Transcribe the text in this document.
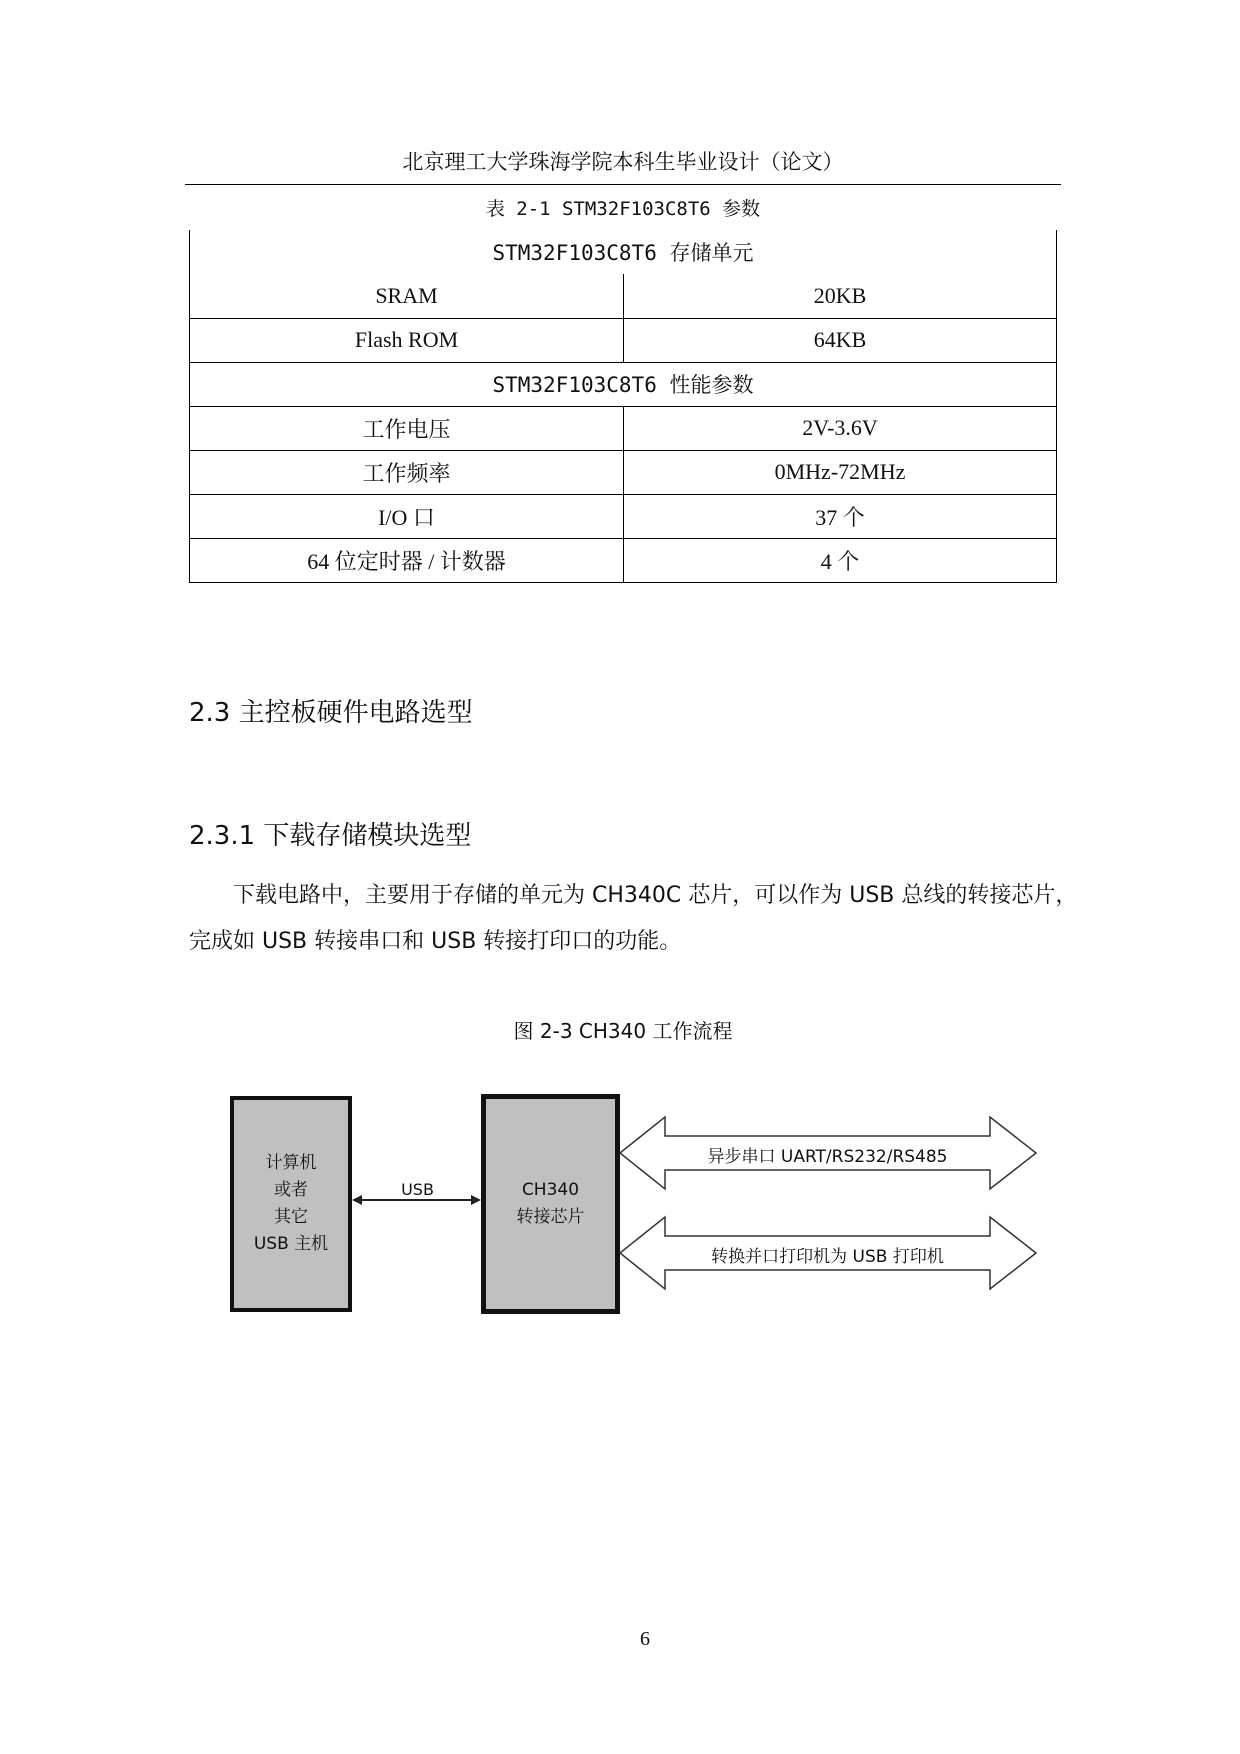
北京理工大学珠海学院本科生毕业设计（论文）
表 2-1 STM32F103C8T6 参数
STM32F103C8T6 存储单元	
SRAM	20KB
Flash ROM	64KB
STM32F103C8T6 性能参数	
工作电压	2V-3.6V
工作频率	0MHz-72MHz
I/O 口	37 个
64 位定时器 / 计数器	4 个
2.3 主控板硬件电路选型
2.3.1 下载存储模块选型
下载电路中，主要用于存储的单元为 CH340C 芯片，可以作为 USB 总线的转接芯片，完成如 USB 转接串口和 USB 转接打印口的功能。
图 2-3 CH340 工作流程
计算机
或者
其它
USB 主机
CH340
转接芯片
USB
异步串口 UART/RS232/RS485
转换并口打印机为 USB 打印机
6
